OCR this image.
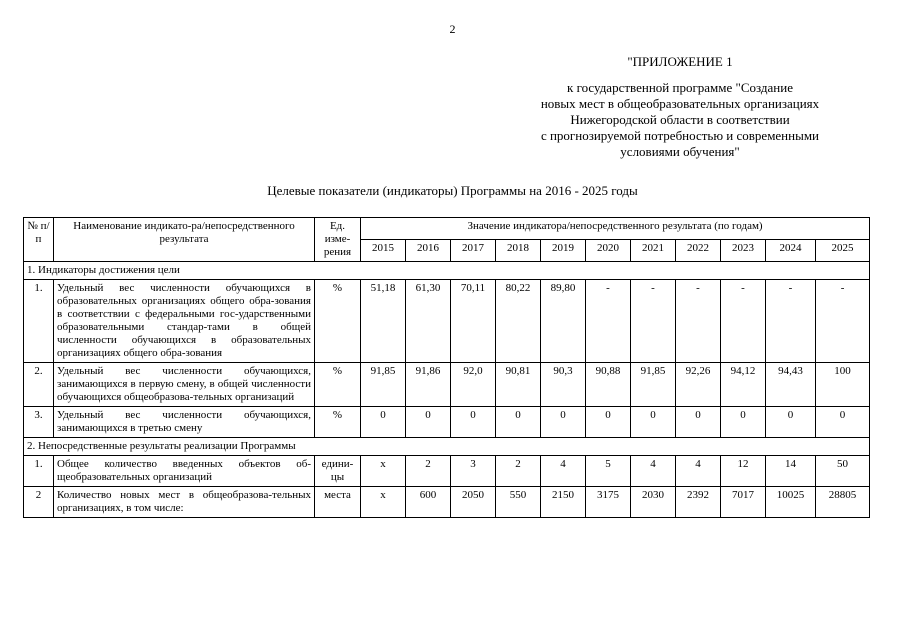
2
"ПРИЛОЖЕНИЕ 1
к государственной программе "Создание
новых мест в общеобразовательных организациях
Нижегородской области в соответствии
с прогнозируемой потребностью и современными
условиями обучения"
Целевые показатели (индикаторы) Программы на 2016 - 2025 годы
№ п/п	Наименование индикато-ра/непосредственного результата	Ед. изме-рения	Значение индикатора/непосредственного результата (по годам)										
			2015	2016	2017	2018	2019	2020	2021	2022	2023	2024	2025
1. Индикаторы достижения цели													
1.	Удельный вес численности обучающихся в образовательных организациях общего обра-зования в соответствии с федеральными гос-ударственными образовательными стандар-тами в общей численности обучающихся в образовательных организациях общего обра-зования	%	51,18	61,30	70,11	80,22	89,80	-	-	-	-	-	-
2.	Удельный вес численности обучающихся, занимающихся в первую смену, в общей численности обучающихся общеобразова-тельных организаций	%	91,85	91,86	92,0	90,81	90,3	90,88	91,85	92,26	94,12	94,43	100
3.	Удельный вес численности обучающихся, занимающихся в третью смену	%	0	0	0	0	0	0	0	0	0	0	0
2. Непосредственные результаты реализации Программы													
1.	Общее количество введенных объектов об-щеобразовательных организаций	едини-цы	х	2	3	2	4	5	4	4	12	14	50
2	Количество новых мест в общеобразова-тельных организациях, в том числе:	места	х	600	2050	550	2150	3175	2030	2392	7017	10025	28805
